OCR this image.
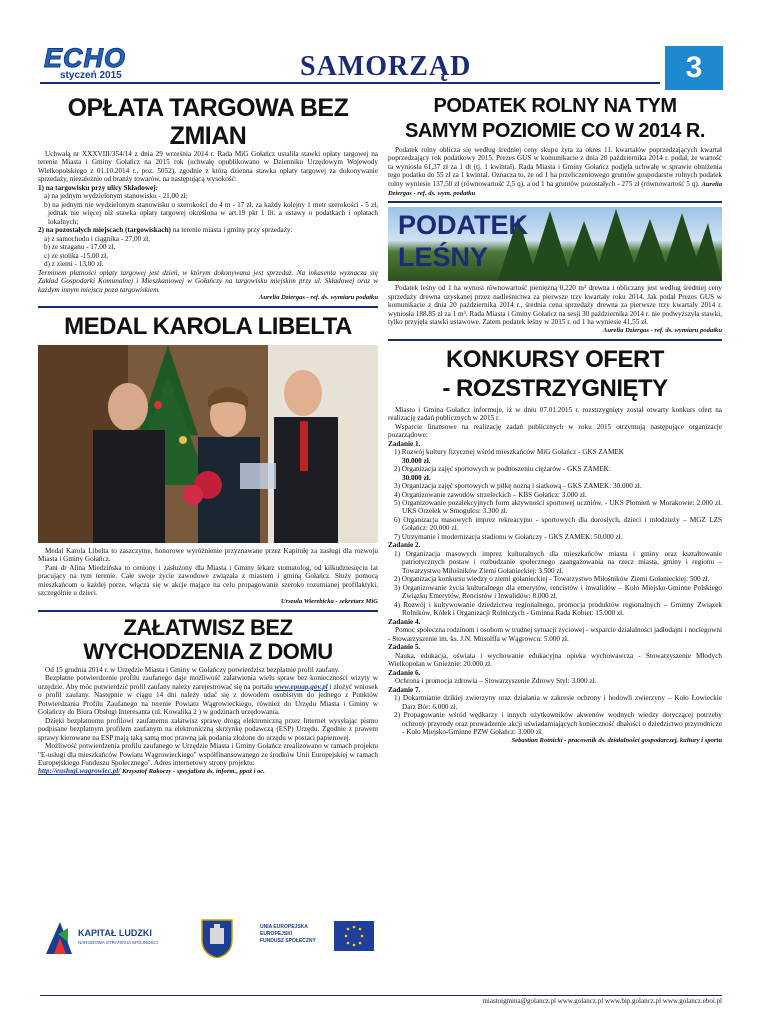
ECHO
styczeń 2015	SAMORZĄD	3
OPŁATA TARGOWA BEZ ZMIAN

Uchwałą nr XXXVIII/354/14 z dnia 29 września 2014 r. Rada MiG Gołańcz ustaliła stawki opłaty targowej na terenie Miasta i Gminy Gołańcz na 2015 rok (uchwałę opublikowano w Dzienniku Urzędowym Wojewody Wielkopolskiego z 01.10.2014 r., poz. 5052), zgodnie z którą dzienna stawka opłaty targowej za dokonywanie sprzedaży, niezależnie od branży towarów, na następującą wysokość:

1) na targowisku przy ulicy Składowej:

a) na jednym wydzielonym stanowisku - 21,00 zł;

b) na jednym nie wydzielonym stanowisku o szerokości do 4 m - 17 zł, za każdy kolejny 1 metr szerokości - 5 zł, jednak nie więcej niż stawka opłaty targowej określona w art.19 pkt 1 lit. a ustawy o podatkach i opłatach lokalnych;

2) na pozostałych miejscach (targowiskach) na terenie miasta i gminy przy sprzedaży:

a) z samochodu i ciągnika - 27,00 zł,

b) ze straganu - 17,00 zł,

c) ze stolika -15,00 zł,

d) z ziemi - 13,00 zł.

Terminem płatności opłaty targowej jest dzień, w którym dokonywana jest sprzedaż. Na inkasenta wyznacza się Zakład Gospodarki Komunalnej i Mieszkaniowej w Gołańczy na targowisku miejskim przy ul. Składowej oraz w każdym innym miejscu poza targowiskiem.

Aurelia Dziergas - ref. ds. wymiaru podatku

MEDAL KAROLA LIBELTA

Medal Karola Libelta to zaszczytne, honorowe wyróżnienie przyznawane przez Kapitułę za zasługi dla rozwoju Miasta i Gminy Gołańcz.

Pani dr Alina Miedzińska to ceniony i zasłużony dla Miasta i Gminy lekarz stomatolog, od kilkudziesięciu lat pracujący na tym terenie. Całe swoje życie zawodowe związała z miastem i gminą Gołańcz. Służy pomocą mieszkańcom o każdej porze, włącza się w akcje mające na celu propagowanie szeroko rozumianej profilaktyki, szczególnie u dzieci.

Urszula Wierzbicka - sekretarz MiG

ZAŁATWISZ BEZ
WYCHODZENIA Z DOMU

Od 15 grudnia 2014 r. w Urzędzie Miasta i Gminy w Gołańczy potwierdzisz bezpłatnie profil zaufany.

Bezpłatne potwierdzenie profilu zaufanego daje możliwość załatwienia wielu spraw bez konieczności wizyty w urzędzie. Aby móc potwierdzić profil zaufany należy zarejestrować się na portalu www.epuap.gov.pl i złożyć wniosek o profil zaufany. Następnie w ciągu 14 dni należy udać się z dowodem osobistym do jednego z Punktów Potwierdzania Profilu Zaufanego na terenie Powiatu Wągrowieckiego, również do Urzędu Miasta i Gminy w Gołańczy do Biura Obsługi Interesanta (ul. Kowalika 2 ) w godzinach urzędowania.

Dzięki bezpłatnemu profilowi zaufanemu załatwisz sprawę drogą elektroniczną przez Internet wysyłając pismo podpisane bezpłatnym profilem zaufanym na elektroniczną skrzynkę podawczą (ESP) Urzędu. Zgodnie z prawem sprawy kierowane na ESP mają taką samą moc prawną jak podania złożone do urzędu w postaci papierowej.

Możliwość potwierdzenia profilu zaufanego w Urzędzie Miasta i Gminy Gołańcz zrealizowano w ramach projektu "E-usługi dla mieszkańców Powiatu Wągrowieckiego" współfinansowanego ze środków Unii Europejskiej w ramach Europejskiego Funduszu Społecznego". Adres internetowy strony projektu:

http://eusługi.wagrowiec.pl/ Krzysztof Rakoczy - specjalista ds. inform., ppoż i oc.

KAPITAŁ LUDZKI
NARODOWA STRATEGIA SPÓJNOŚCI
UNIA EUROPEJSKA
EUROPEJSKI
FUNDUSZ SPOŁECZNY
PODATEK ROLNY NA TYM
SAMYM POZIOMIE CO W 2014 R.

Podatek rolny oblicza się według średniej ceny skupu żyta za okres 11. kwartałów poprzedzających kwartał poprzedzający rok podatkowy 2015. Prezes GUS w komunikacie z dnia 20 października 2014 r. podał, że wartość ta wyniosła 61,37 zł za 1 dt (tj. 1 kwintal). Rada Miasta i Gminy Gołańcz podjęła uchwałę w sprawie obniżenia tego podatku do 55 zł za 1 kwintal. Oznacza to, że od 1 ha przeliczeniowego gruntów gospodarstw rolnych podatek rolny wyniesie 137,50 zł (równowartość 2,5 q), a od 1 ha gruntów pozostałych - 275 zł (równowartość 5 q). Aurelia Dziergas - ref. ds. wym. podatku

PODATEK
LEŚNY

Podatek leśny od 1 ha wynosi równowartość pieniężną 0,220 m³ drewna i obliczany jest według średniej ceny sprzedaży drewna uzyskanej przez nadleśnictwa za pierwsze trzy kwartały roku 2014. Jak podał Prezes GUS w komunikacie z dnia 20 października 2014 r., średnia cena sprzedaży drewna za pierwsze trzy kwartały 2014 r. wyniosła 188,85 zł za 1 m³. Rada Miasta i Gminy Gołańcz na sesji 30 października 2014 r. nie podwyższyła stawki, tylko przyjęła stawki ustawowe. Zatem podatek leśny w 2015 r. od 1 ha wyniesie 41,55 zł.

Aurelia Dziergas - ref. ds. wymiaru podatku

KONKURSY OFERT
- ROZSTRZYGNIĘTY

Miasto i Gmina Gołańcz informuje, iż w dniu 07.01.2015 r. rozstrzygnięty został otwarty konkurs ofert na realizację zadań publicznych w 2015 r.

Wsparcie finansowe na realizację zadań publicznych w roku 2015 otrzymują następujące organizacje pozarządowe:

Zadanie 1.

1) Rozwój kultury fizycznej wśród mieszkańców MiG Gołańcz - GKS ZAMEK

30.000 zł.

2) Organizacja zajęć sportowych w podnoszeniu ciężarów - GKS ZAMEK:

30.000 zł.

3) Organizacja zajęć sportowych w piłkę nożną i siatkową - GKS ZAMEK: 30.000 zł.

4) Organizowanie zawodów strzeleckich – KBS Gołańcz: 3.000 zł.

5) Organizowanie pozalekcyjnych form aktywności sportowej uczniów. - UKS Płomień w Morakowie: 2.000 zł. UKS Orzełek w Smogulcu: 3.300 zł.

6) Organizacja masowych imprez rekreacyjno - sportowych dla dorosłych, dzieci i młodzieży – MGZ LZS Gołańcz: 20.000 zł.

7) Utrzymanie i modernizacja stadionu w Gołańczy - GKS ZAMEK: 50.000 zł.

Zadanie 2.

1) Organizacja masowych imprez kulturalnych dla mieszkańców miasta i gminy oraz kształtowanie patriotycznych postaw i rozbudzanie społecznego zaangażowania na rzecz miasta, gminy i regionu – Towarzystwo Miłośników Ziemi Gołanieckiej: 3.500 zł.

2) Organizacja konkursu wiedzy o ziemi gołanieckiej - Towarzystwo Miłośników Ziemi Gołanieckiej: 500 zł.

3) Organizowanie życia kulturalnego dla emerytów, rencistów i inwalidów – Koło Miejsko-Gminne Polskiego Związku Emerytów, Rencistów i Inwalidów: 8.000 zł.

4) Rozwój i kultywowanie dziedzictwa regionalnego, promocja produktów regionalnych – Gminny Związek Rolników, Kółek i Organizacji Rolniczych - Gminna Rada Kobiet: 15.000 zł.

Zadanie 4.

Pomoc społeczna rodzinom i osobom w trudnej sytuacji życiowej - wsparcie działalności jadłodajni i noclegowni - Stowarzyszenie im. ks. J.N. Musolffa w Wągrowcu: 5.000 zł.

Zadanie 5.

Nauka, edukacja, oświata i wychowanie edukacyjna opieka wychowawcza - Stowarzyszenie Młodych Wielkopolan w Gnieźnie: 20.000 zł.

Zadanie 6.

Ochrona i promocja zdrowia – Stowarzyszenie Zdrowy Styl: 3.000 zł.

Zadanie 7.

1) Dokarmianie dzikiej zwierzyny oraz działania w zakresie ochrony i hodowli zwierzyny – Koło Łowieckie Darz Bór: 6.000 zł.

2) Propagowanie wśród wędkarzy i innych użytkowników akwenów wodnych wiedzy dotyczącej potrzeby ochrony przyrody oraz prowadzenie akcji uświadamiających konieczność dbałości o dziedzictwo przyrodnicze - Koło Miejsko-Gminne PZW Gołańcz: 3.000 zł.

Sebastian Rotnicki - pracownik ds. działalności gospodarczej, kultury i sportu

miastoigmina@golancz.pl www.golancz.pl www.bip.golancz.pl www.golancz.eboi.pl
